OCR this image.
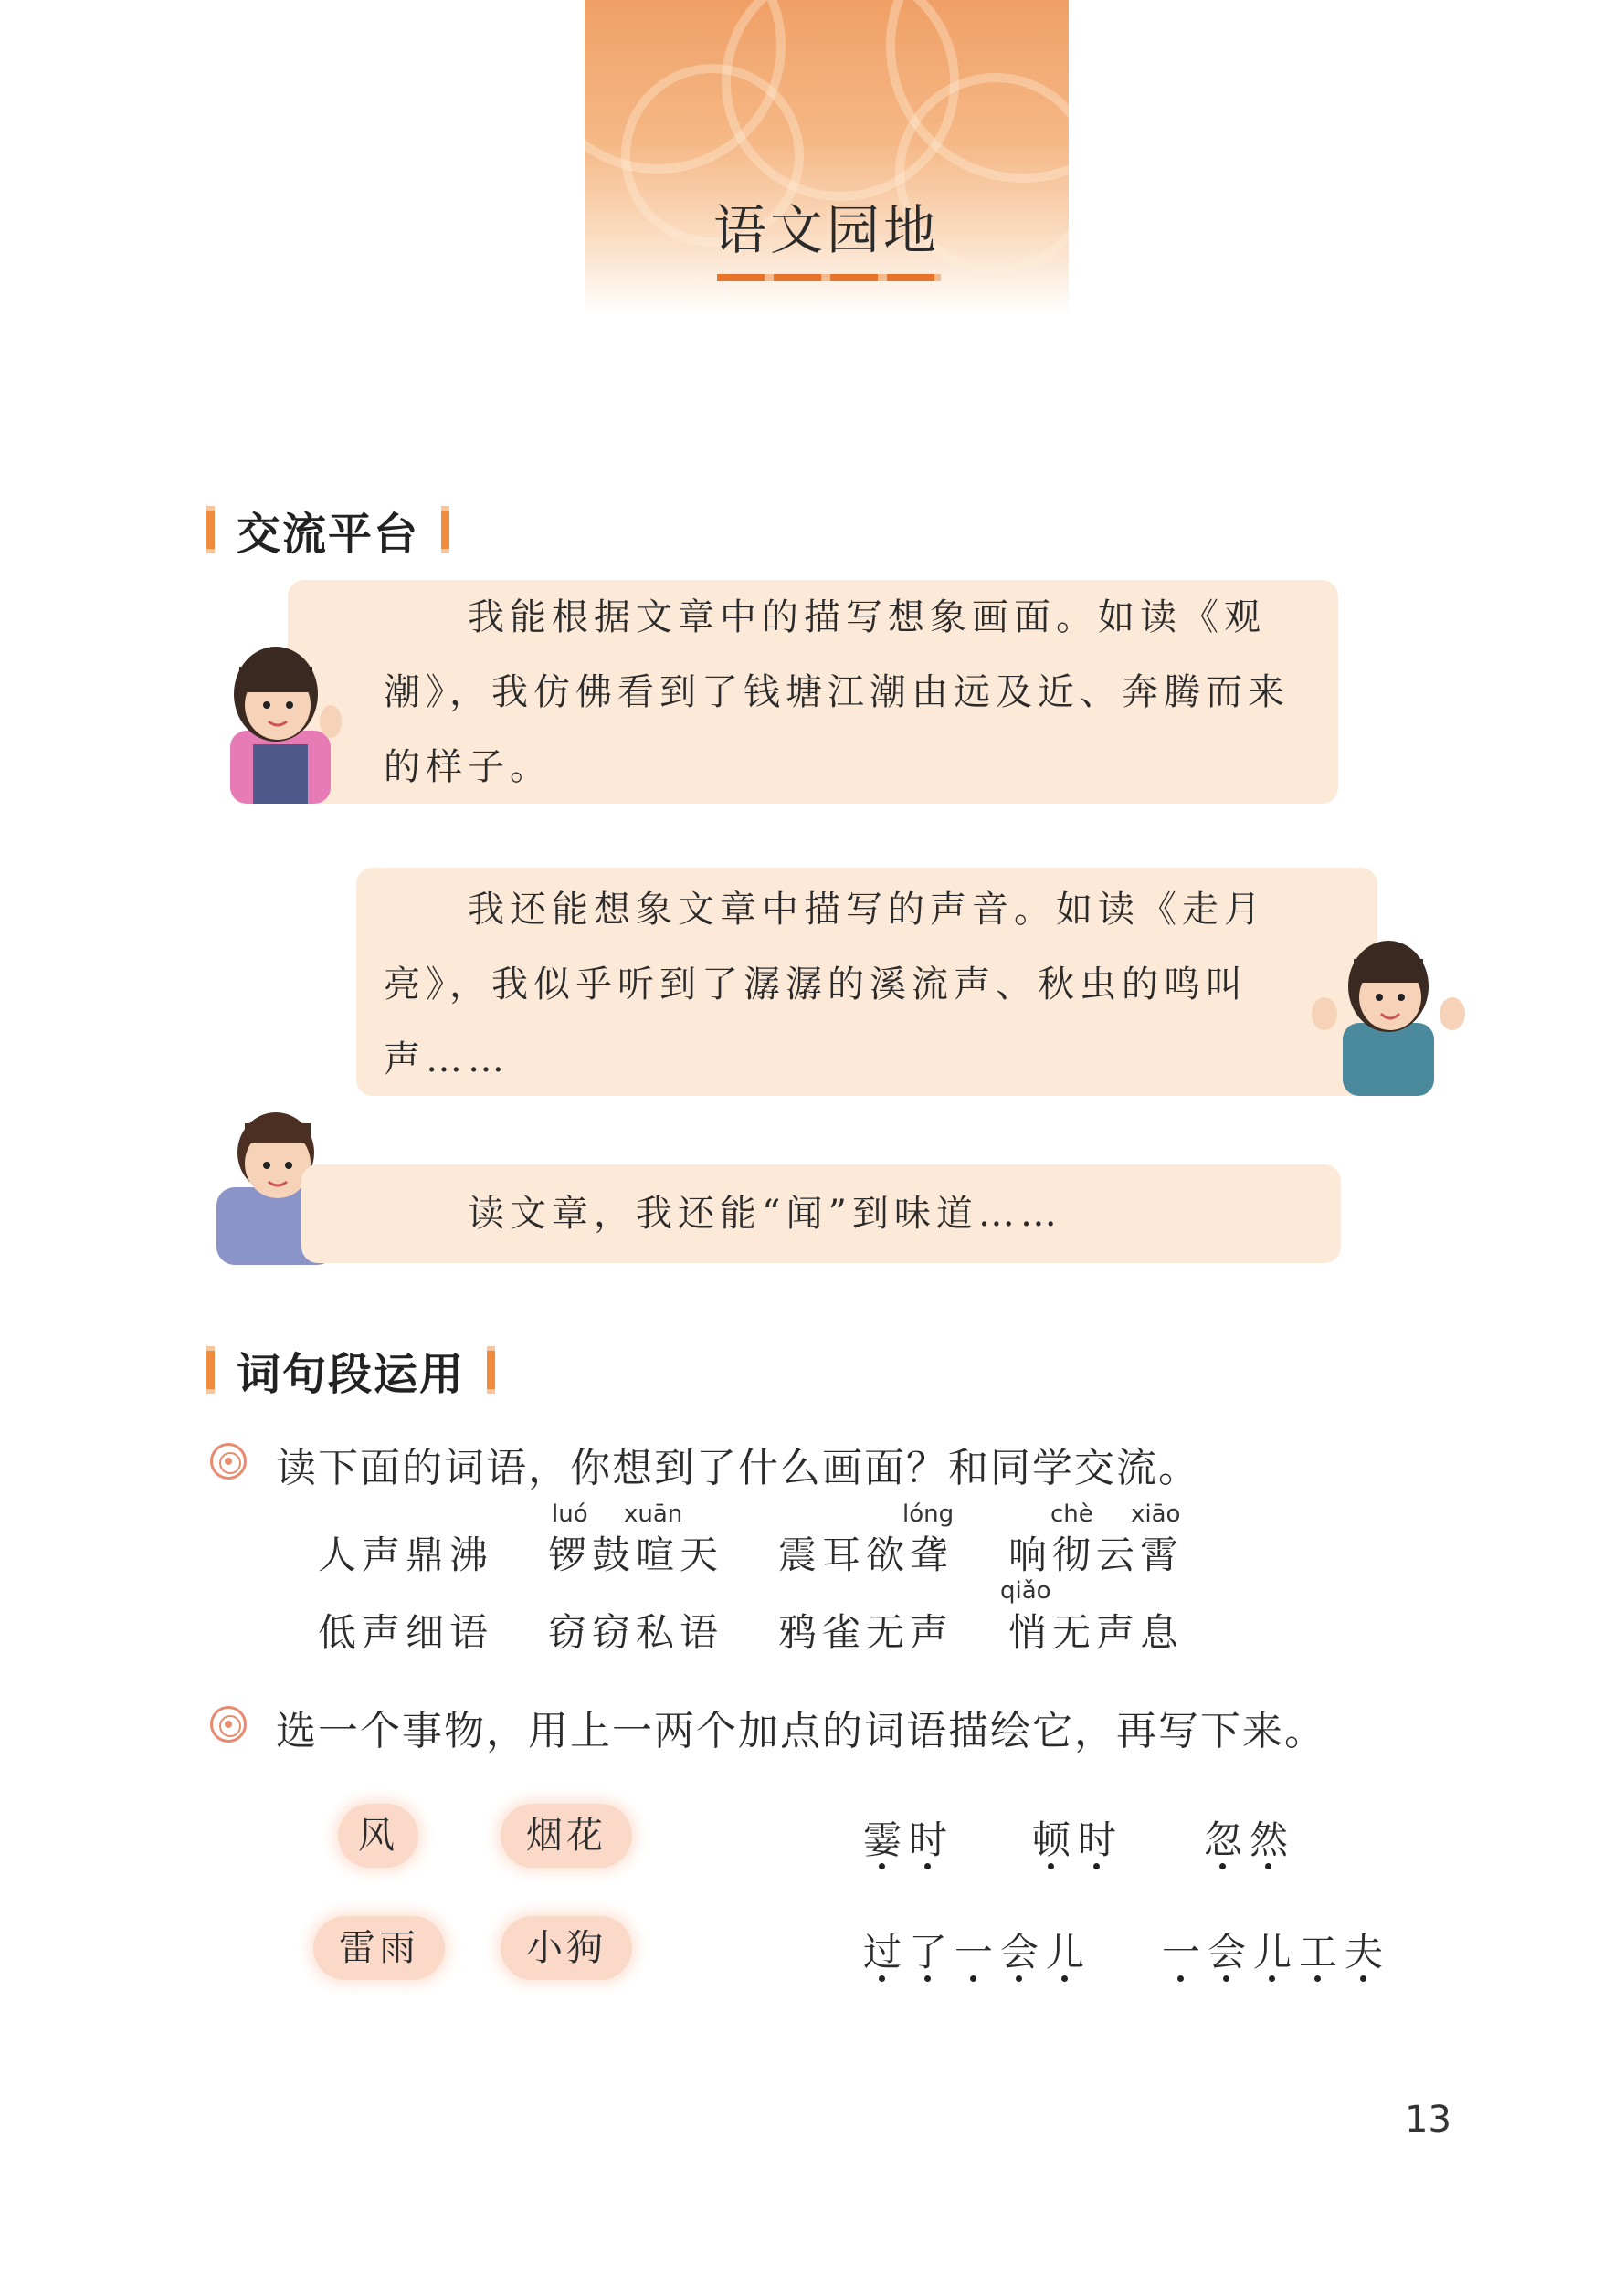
语文园地
交流平台
　　我能根据文章中的描写想象画面。如读《观
潮》，我仿佛看到了钱塘江潮由远及近、奔腾而来
的样子。
　　我还能想象文章中描写的声音。如读《走月
亮》，我似乎听到了潺潺的溪流声、秋虫的鸣叫
声……
　　读文章，我还能“闻”到味道……
词句段运用
读下面的词语，你想到了什么画面？和同学交流。
luó xuān	lóng	chè xiāo
qiǎo
人声鼎沸 锣鼓喧天 震耳欲聋 响彻云霄
低声细语 窃窃私语 鸦雀无声 悄无声息
选一个事物，用上一两个加点的词语描绘它，再写下来。
风	烟花
雷雨	小狗
霎时 顿时 忽然
过了一会儿 一会儿工夫
13
